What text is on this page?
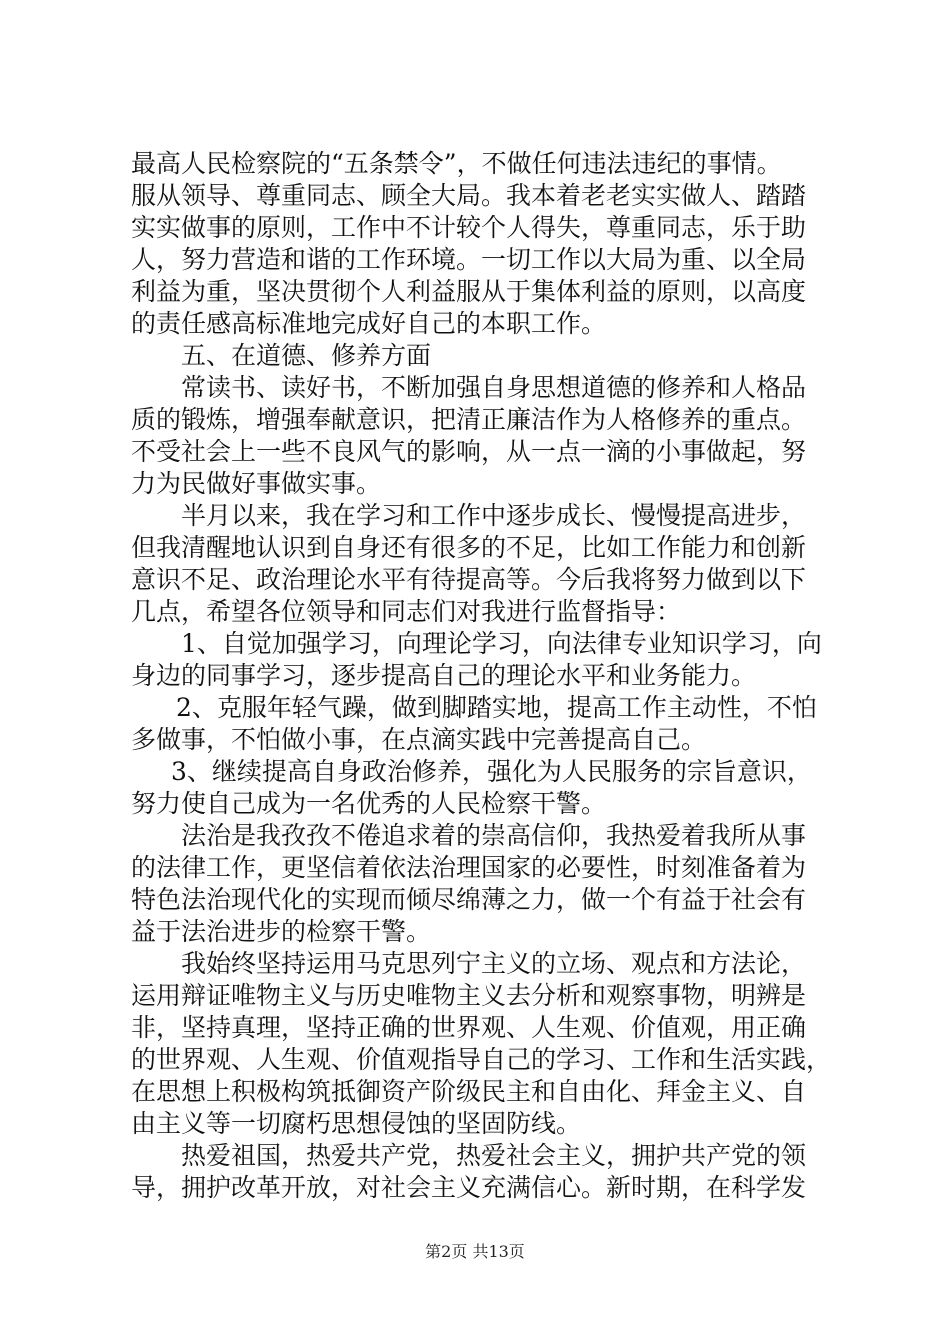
最高人民检察院的“五条禁令”，不做任何违法违纪的事情。
服从领导、尊重同志、顾全大局。我本着老老实实做人、踏踏
实实做事的原则，工作中不计较个人得失，尊重同志，乐于助
人，努力营造和谐的工作环境。一切工作以大局为重、以全局
利益为重，坚决贯彻个人利益服从于集体利益的原则，以高度
的责任感高标准地完成好自己的本职工作。
五、在道德、修养方面
常读书、读好书，不断加强自身思想道德的修养和人格品
质的锻炼，增强奉献意识，把清正廉洁作为人格修养的重点。
不受社会上一些不良风气的影响，从一点一滴的小事做起，努
力为民做好事做实事。
半月以来，我在学习和工作中逐步成长、慢慢提高进步，
但我清醒地认识到自身还有很多的不足，比如工作能力和创新
意识不足、政治理论水平有待提高等。今后我将努力做到以下
几点，希望各位领导和同志们对我进行监督指导：
1、自觉加强学习，向理论学习，向法律专业知识学习，向
身边的同事学习，逐步提高自己的理论水平和业务能力。
2、克服年轻气躁，做到脚踏实地，提高工作主动性，不怕
多做事，不怕做小事，在点滴实践中完善提高自己。
3、继续提高自身政治修养，强化为人民服务的宗旨意识，
努力使自己成为一名优秀的人民检察干警。
法治是我孜孜不倦追求着的崇高信仰，我热爱着我所从事
的法律工作，更坚信着依法治理国家的必要性，时刻准备着为
特色法治现代化的实现而倾尽绵薄之力，做一个有益于社会有
益于法治进步的检察干警。
我始终坚持运用马克思列宁主义的立场、观点和方法论，
运用辩证唯物主义与历史唯物主义去分析和观察事物，明辨是
非，坚持真理，坚持正确的世界观、人生观、价值观，用正确
的世界观、人生观、价值观指导自己的学习、工作和生活实践，
在思想上积极构筑抵御资产阶级民主和自由化、拜金主义、自
由主义等一切腐朽思想侵蚀的坚固防线。
热爱祖国，热爱共产党，热爱社会主义，拥护共产党的领
导，拥护改革开放，对社会主义充满信心。新时期，在科学发
第2页 共13页
